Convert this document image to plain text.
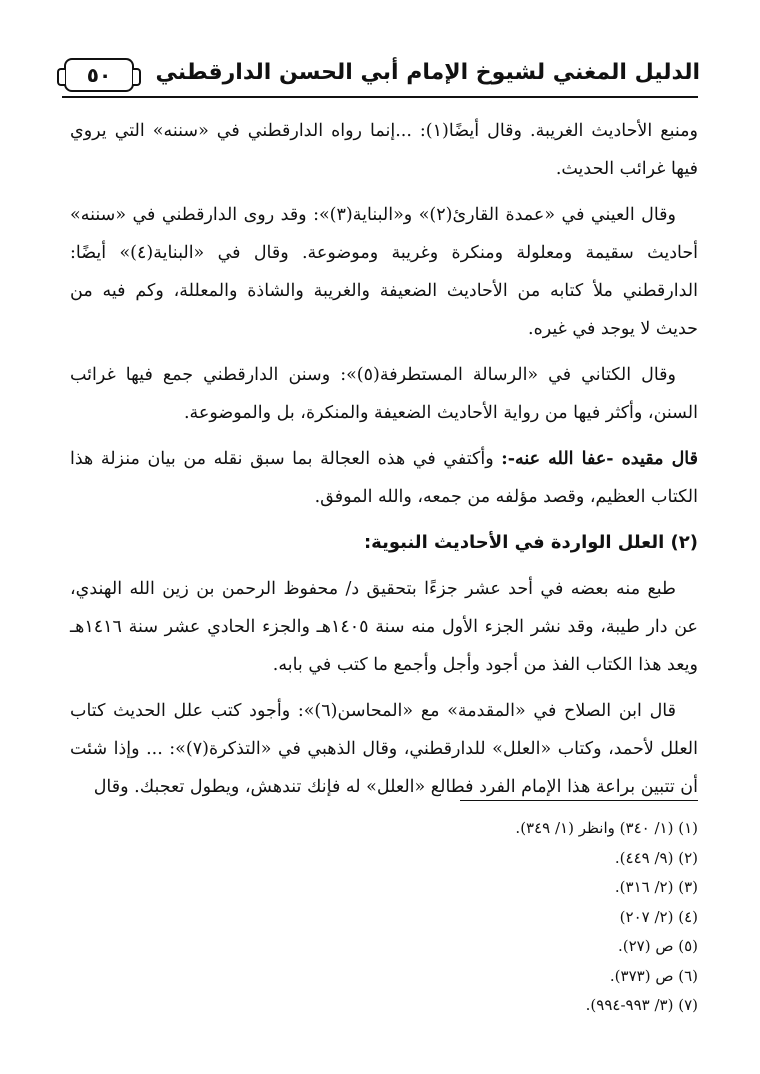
الدليل المغني لشيوخ الإمام أبي الحسن الدارقطني
٥٠

ومنبع الأحاديث الغريبة. وقال أيضًا(١): ...إنما رواه الدارقطني في «سننه» التي يروي فيها غرائب الحديث.

وقال العيني في «عمدة القارئ(٢)» و«البناية(٣)»: وقد روى الدارقطني في «سننه» أحاديث سقيمة ومعلولة ومنكرة وغريبة وموضوعة. وقال في «البناية(٤)» أيضًا: الدارقطني ملأ كتابه من الأحاديث الضعيفة والغريبة والشاذة والمعللة، وكم فيه من حديث لا يوجد في غيره.

وقال الكتاني في «الرسالة المستطرفة(٥)»: وسنن الدارقطني جمع فيها غرائب السنن، وأكثر فيها من رواية الأحاديث الضعيفة والمنكرة، بل والموضوعة.

قال مقيده -عفا الله عنه-: وأكتفي في هذه العجالة بما سبق نقله من بيان منزلة هذا الكتاب العظيم، وقصد مؤلفه من جمعه، والله الموفق.

(٢) العلل الواردة في الأحاديث النبوية:

طبع منه بعضه في أحد عشر جزءًا بتحقيق د/ محفوظ الرحمن بن زين الله الهندي، عن دار طيبة، وقد نشر الجزء الأول منه سنة ١٤٠٥هـ والجزء الحادي عشر سنة ١٤١٦هـ ويعد هذا الكتاب الفذ من أجود وأجل وأجمع ما كتب في بابه.

قال ابن الصلاح في «المقدمة» مع «المحاسن(٦)»: وأجود كتب علل الحديث كتاب العلل لأحمد، وكتاب «العلل» للدارقطني، وقال الذهبي في «التذكرة(٧)»: ... وإذا شئت أن تتبين براعة هذا الإمام الفرد فطالع «العلل» له فإنك تندهش، ويطول تعجبك. وقال

(١) (١/ ٣٤٠) وانظر (١/ ٣٤٩).

(٢) (٩/ ٤٤٩).

(٣) (٢/ ٣١٦).

(٤) (٢/ ٢٠٧)

(٥) ص (٢٧).

(٦) ص (٣٧٣).

(٧) (٣/ ٩٩٣-٩٩٤).
